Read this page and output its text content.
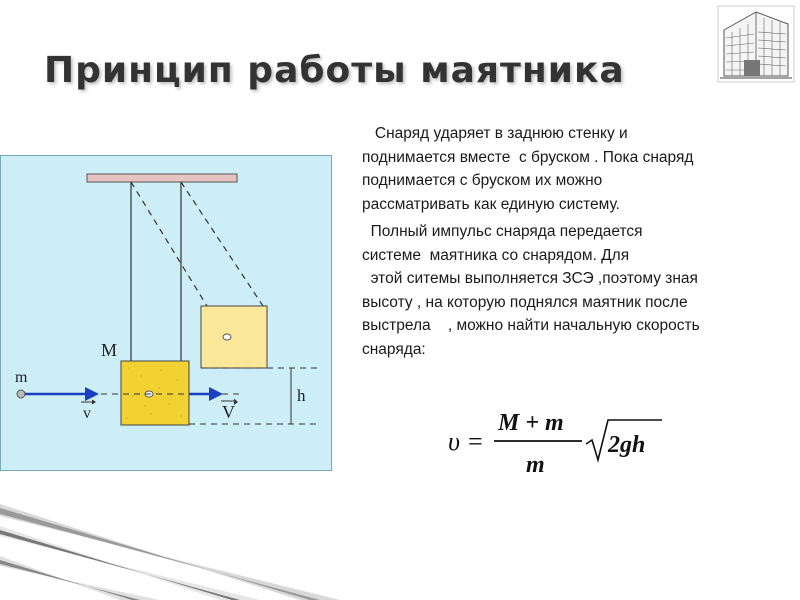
Принцип работы маятника
M
m
v	V
h

Снаряд ударяет в заднюю стенку и
поднимается вместе  с бруском . Пока снаряд
поднимается с бруском их можно
рассматривать как единую систему.

Полный импульс снаряда передается
системе  маятника со снарядом. Для
этой ситемы выполняется ЗСЭ ,поэтому зная
высоту , на которую поднялся маятник после
выстрела    , можно найти начальную скорость
снаряда:

υ =
M + m
m
2gh
